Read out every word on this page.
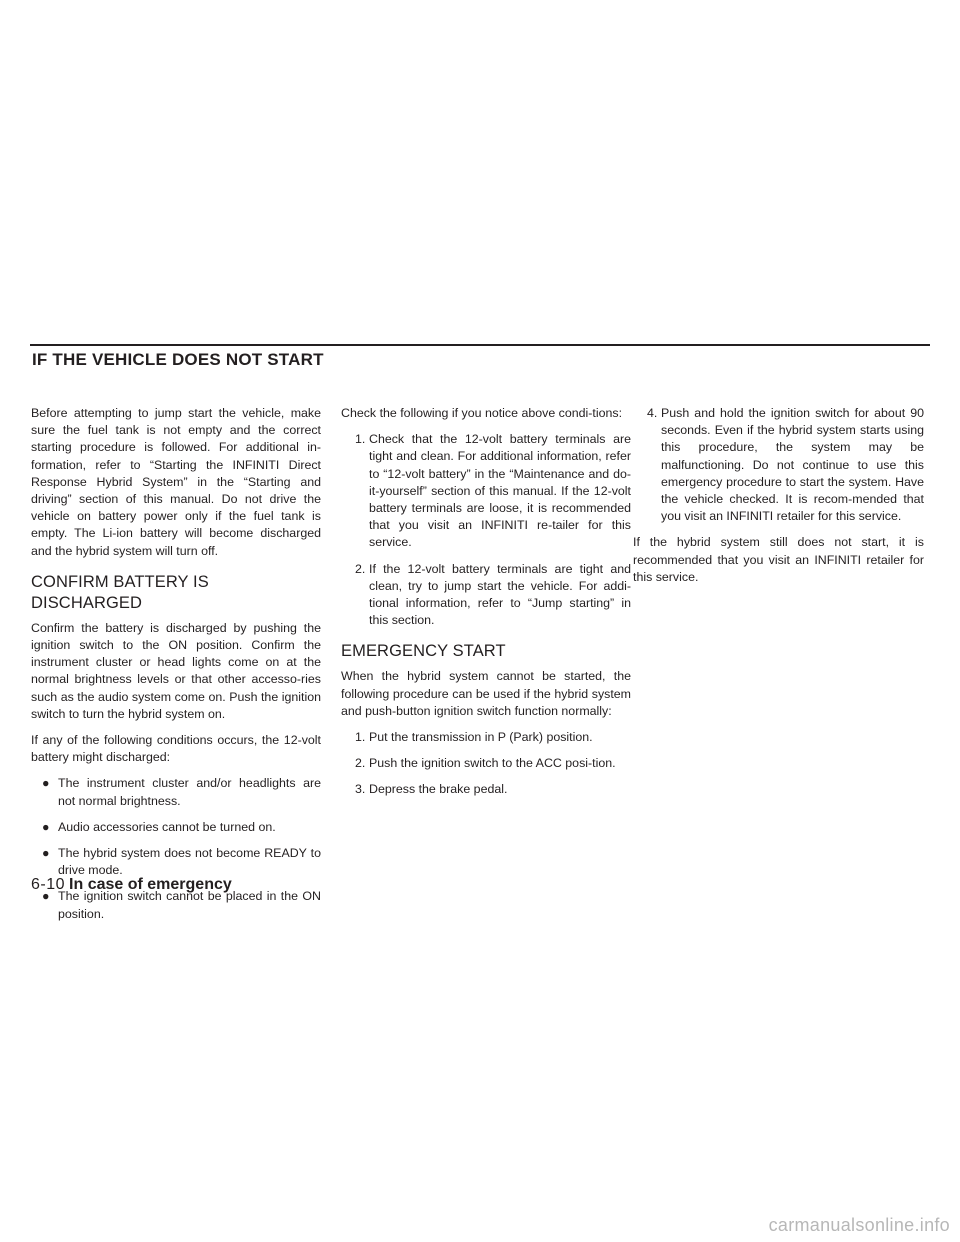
IF THE VEHICLE DOES NOT START

Before attempting to jump start the vehicle, make sure the fuel tank is not empty and the correct starting procedure is followed. For additional in-formation, refer to “Starting the INFINITI Direct Response Hybrid System” in the “Starting and driving” section of this manual. Do not drive the vehicle on battery power only if the fuel tank is empty. The Li-ion battery will become discharged and the hybrid system will turn off.

CONFIRM BATTERY IS DISCHARGED

Confirm the battery is discharged by pushing the ignition switch to the ON position. Confirm the instrument cluster or head lights come on at the normal brightness levels or that other accesso-ries such as the audio system come on. Push the ignition switch to turn the hybrid system on.

If any of the following conditions occurs, the 12-volt battery might discharged:

● The instrument cluster and/or headlights are not normal brightness.
● Audio accessories cannot be turned on.
● The hybrid system does not become READY to drive mode.
● The ignition switch cannot be placed in the ON position.

Check the following if you notice above condi-tions:

1. Check that the 12-volt battery terminals are tight and clean. For additional information, refer to “12-volt battery” in the “Maintenance and do-it-yourself” section of this manual. If the 12-volt battery terminals are loose, it is recommended that you visit an INFINITI re-tailer for this service.
2. If the 12-volt battery terminals are tight and clean, try to jump start the vehicle. For addi-tional information, refer to “Jump starting” in this section.
EMERGENCY START

When the hybrid system cannot be started, the following procedure can be used if the hybrid system and push-button ignition switch function normally:

1. Put the transmission in P (Park) position.
2. Push the ignition switch to the ACC posi-tion.
3. Depress the brake pedal.
4. Push and hold the ignition switch for about 90 seconds. Even if the hybrid system starts using this procedure, the system may be malfunctioning. Do not continue to use this emergency procedure to start the system. Have the vehicle checked. It is recom-mended that you visit an INFINITI retailer for this service.

If the hybrid system still does not start, it is recommended that you visit an INFINITI retailer for this service.

6-10 In case of emergency
carmanualsonline.info
